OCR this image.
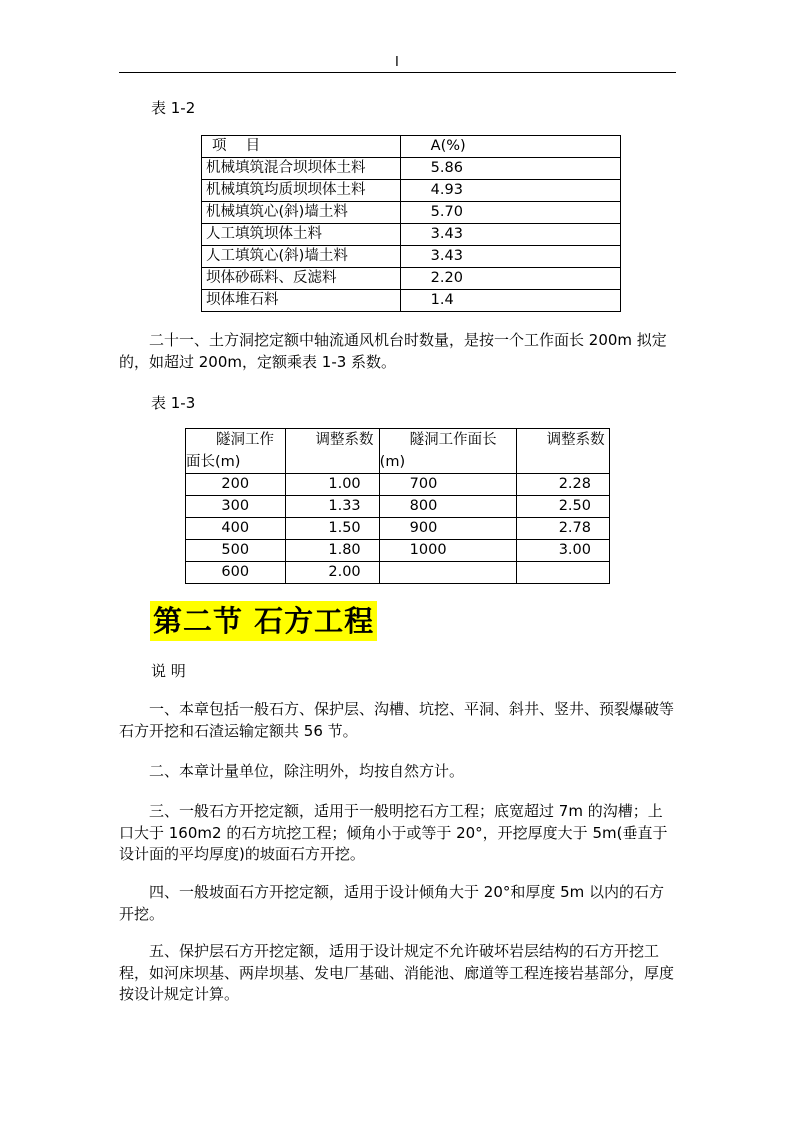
I
表 1-2
项　 目	A(%)
机械填筑混合坝坝体土料	5.86
机械填筑均质坝坝体土料	4.93
机械填筑心(斜)墙土料	5.70
人工填筑坝体土料	3.43
人工填筑心(斜)墙土料	3.43
坝体砂砾料、反滤料	2.20
坝体堆石料	1.4

二十一、土方洞挖定额中轴流通风机台时数量，是按一个工作面长 200m 拟定的，如超过 200m，定额乘表 1-3 系数。

表 1-3
隧洞工作面长(m)	调整系数	隧洞工作面长(m)	调整系数
200	1.00	700	2.28
300	1.33	800	2.50
400	1.50	900	2.78
500	1.80	1000	3.00
600	2.00		
第二节 石方工程
说 明

一、本章包括一般石方、保护层、沟槽、坑挖、平洞、斜井、竖井、预裂爆破等石方开挖和石渣运输定额共 56 节。

二、本章计量单位，除注明外，均按自然方计。

三、一般石方开挖定额，适用于一般明挖石方工程；底宽超过 7m 的沟槽；上口大于 160m2 的石方坑挖工程；倾角小于或等于 20°，开挖厚度大于 5m(垂直于设计面的平均厚度)的坡面石方开挖。

四、一般坡面石方开挖定额，适用于设计倾角大于 20°和厚度 5m 以内的石方开挖。

五、保护层石方开挖定额，适用于设计规定不允许破坏岩层结构的石方开挖工程，如河床坝基、两岸坝基、发电厂基础、消能池、廊道等工程连接岩基部分，厚度按设计规定计算。
